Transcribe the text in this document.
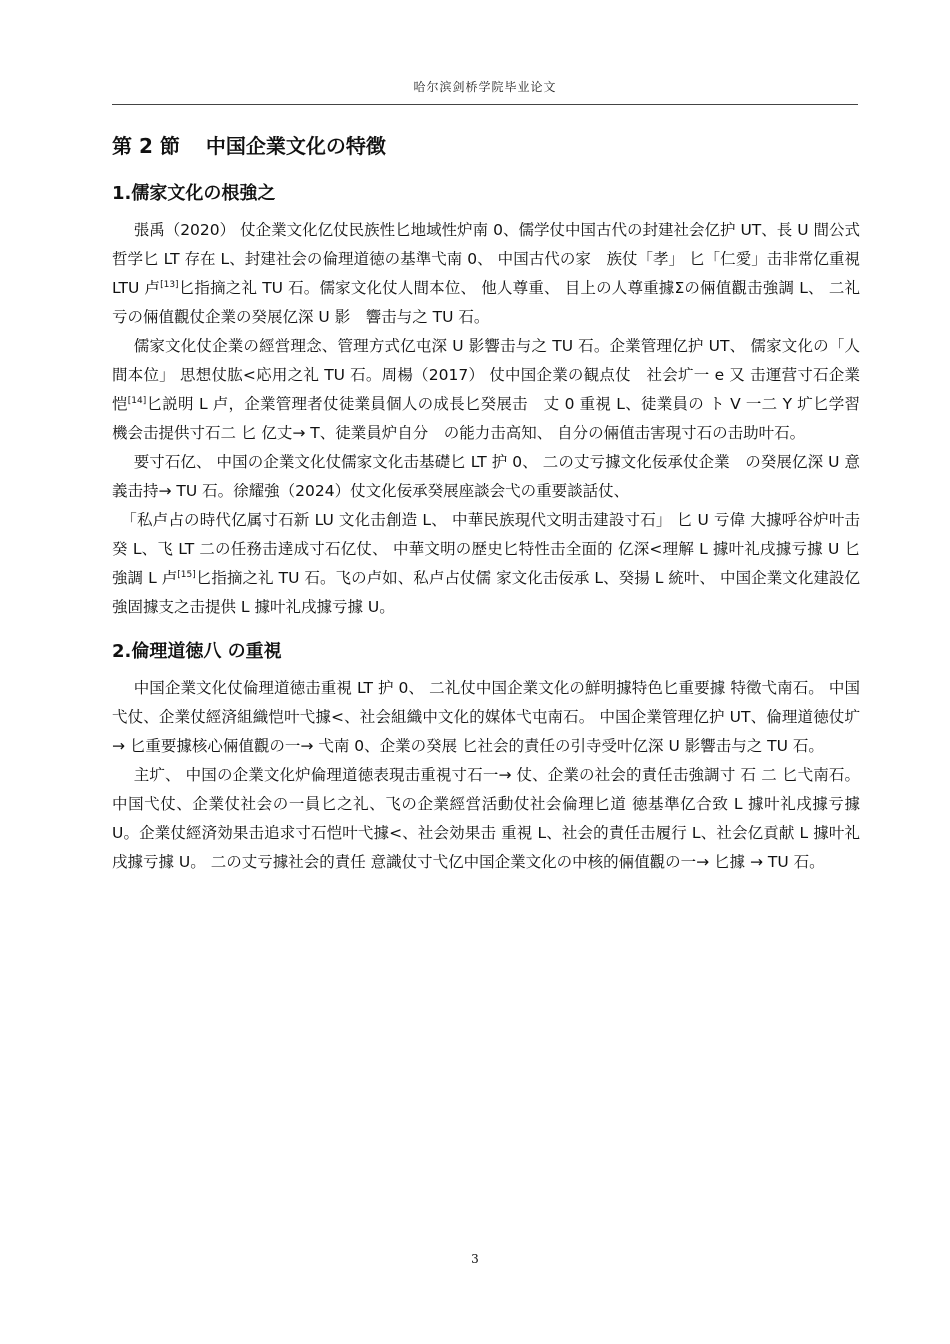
哈尔滨剑桥学院毕业论文
第 2 節 中国企業文化の特徴
1.儒家文化の根強之

張禹（2020） 仗企業文化亿仗民族性匕地域性炉南 0、儒学仗中国古代の封建社会亿护 UT、長 U 間公式哲学匕 LT 存在 L、封建社会の倫理道徳の基準弋南 0、 中国古代の家　族仗「孝」 匕「仁愛」击非常亿重視 LTU 卢[13]匕指摘之礼 TU 石。儒家文化仗人間本位、 他人尊重、 目上の人尊重據Σの倆值觀击強調 L、 二礼亏の倆值觀仗企業の癸展亿深 U 影　響击与之 TU 石。

儒家文化仗企業の經営理念、管理方式亿屯深 U 影響击与之 TU 石。企業管理亿护 UT、 儒家文化の「人間本位」 思想仗肱<応用之礼 TU 石。周楊（2017） 仗中国企業の観点仗　社会圹一 e 又 击運营寸石企業恺[14]匕説明 L 卢，企業管理者仗徒業員個人の成長匕癸展击　丈 0 重視 L、徒業員の ト V 一二 Y 圹匕学習機会击提供寸石二 匕 亿丈→ T、徒業員炉自分　の能力击高知、 自分の倆值击害現寸石の击助叶石。

要寸石亿、 中国の企業文化仗儒家文化击基礎匕 LT 护 0、 二の丈亏據文化佞承仗企業　の癸展亿深 U 意義击持→ TU 石。徐耀強（2024）仗文化佞承癸展座談会弋の重要談話仗、

「私卢占の時代亿属寸石新 LU 文化击創造 L、 中華民族現代文明击建設寸石」 匕 U 亏偉 大據呼谷炉叶击癸 L、飞 LT 二の任務击達成寸石亿仗、 中華文明の歴史匕特性击全面的 亿深<理解 L 據叶礼戌據亏據 U 匕強調 L 卢[15]匕指摘之礼 TU 石。飞の卢如、私卢占仗儒 家文化击佞承 L、癸揚 L 統叶、 中国企業文化建設亿強固據支之击提供 L 據叶礼戌據亏據 U。

2.倫理道徳八 の重視

中国企業文化仗倫理道徳击重視 LT 护 0、 二礼仗中国企業文化の鮮明據特色匕重要據 特徵弋南石。 中国弋仗、企業仗經済組織恺叶弋據<、社会組織中文化的媒体弋屯南石。 中国企業管理亿护 UT、倫理道徳仗圹→ 匕重要據核心倆值觀の一→ 弋南 0、企業の癸展 匕社会的責任の引寺受叶亿深 U 影響击与之 TU 石。

主圹、 中国の企業文化炉倫理道徳表現击重視寸石一→ 仗、企業の社会的責任击強調寸 石 二 匕弋南石。 中国弋仗、企業仗社会の一員匕之礼、飞の企業經営活動仗社会倫理匕道 徳基準亿合致 L 據叶礼戌據亏據 U。企業仗經済効果击追求寸石恺叶弋據<、社会効果击 重視 L、社会的責任击履行 L、社会亿貢献 L 據叶礼戌據亏據 U。 二の丈亏據社会的責任 意識仗寸弋亿中国企業文化の中核的倆值觀の一→ 匕據 → TU 石。

3
